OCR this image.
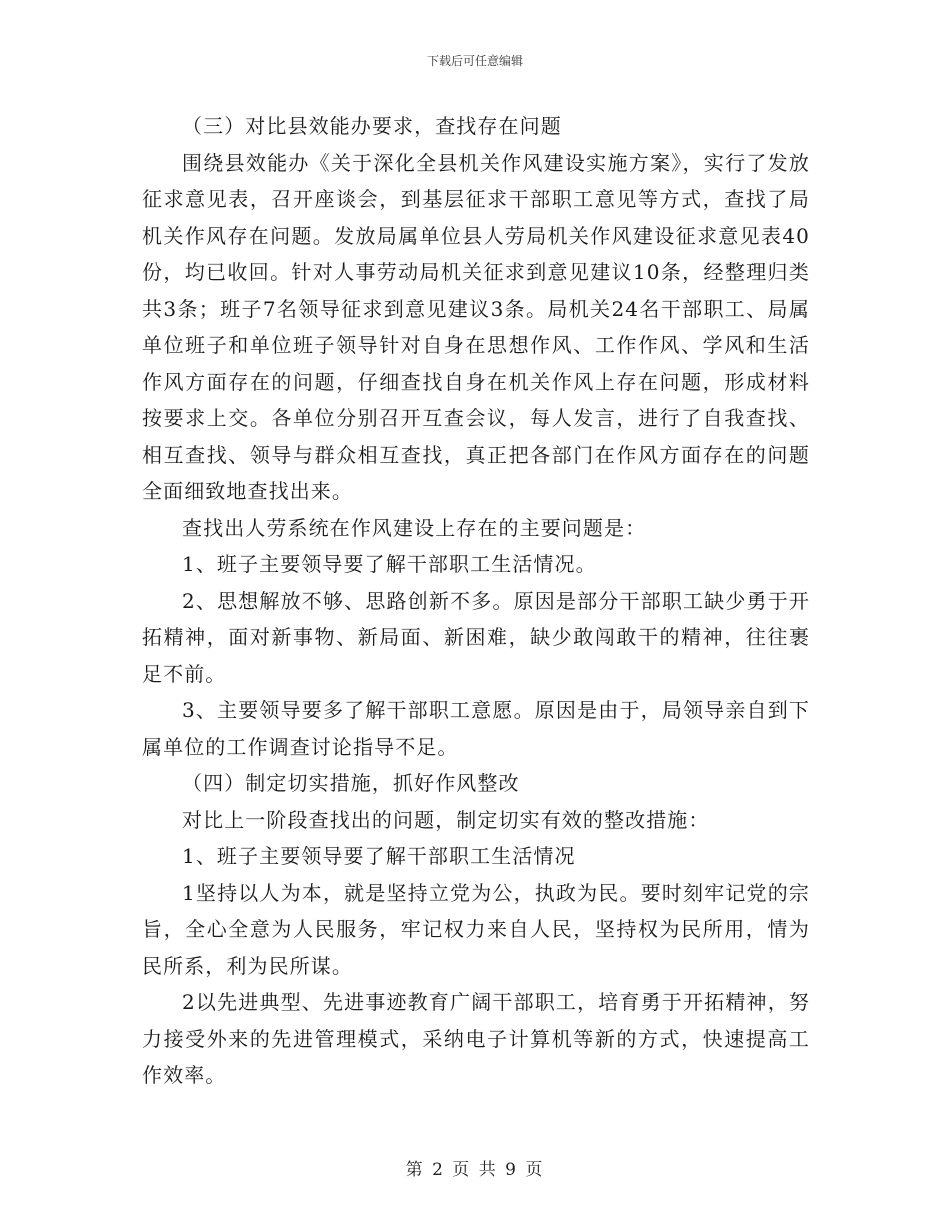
下载后可任意编辑

（三）对比县效能办要求，查找存在问题

围绕县效能办《关于深化全县机关作风建设实施方案》，实行了发放征求意见表，召开座谈会，到基层征求干部职工意见等方式，查找了局机关作风存在问题。发放局属单位县人劳局机关作风建设征求意见表40份，均已收回。针对人事劳动局机关征求到意见建议10条，经整理归类共3条；班子7名领导征求到意见建议3条。局机关24名干部职工、局属单位班子和单位班子领导针对自身在思想作风、工作作风、学风和生活作风方面存在的问题，仔细查找自身在机关作风上存在问题，形成材料按要求上交。各单位分别召开互查会议，每人发言，进行了自我查找、相互查找、领导与群众相互查找，真正把各部门在作风方面存在的问题全面细致地查找出来。

查找出人劳系统在作风建设上存在的主要问题是：

1、班子主要领导要了解干部职工生活情况。

2、思想解放不够、思路创新不多。原因是部分干部职工缺少勇于开拓精神，面对新事物、新局面、新困难，缺少敢闯敢干的精神，往往裹足不前。

3、主要领导要多了解干部职工意愿。原因是由于，局领导亲自到下属单位的工作调查讨论指导不足。

（四）制定切实措施，抓好作风整改

对比上一阶段查找出的问题，制定切实有效的整改措施：

1、班子主要领导要了解干部职工生活情况

1坚持以人为本，就是坚持立党为公，执政为民。要时刻牢记党的宗旨，全心全意为人民服务，牢记权力来自人民，坚持权为民所用，情为民所系，利为民所谋。

2以先进典型、先进事迹教育广阔干部职工，培育勇于开拓精神，努力接受外来的先进管理模式，采纳电子计算机等新的方式，快速提高工作效率。

第 2 页 共 9 页
